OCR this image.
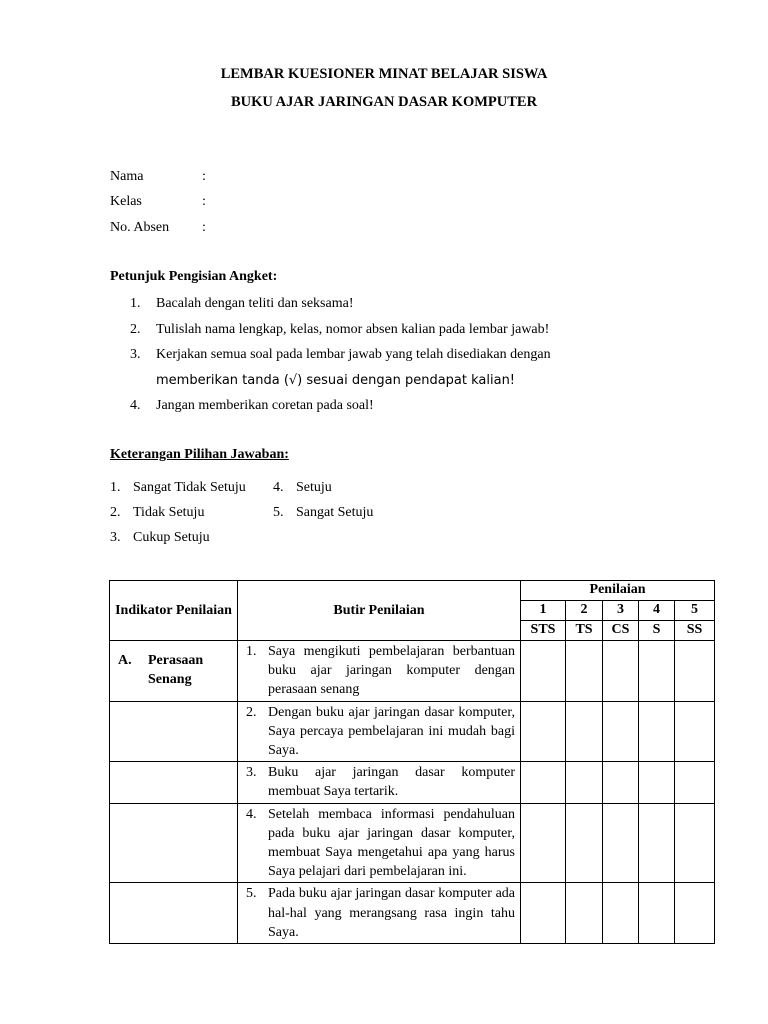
LEMBAR KUESIONER MINAT BELAJAR SISWA
BUKU AJAR JARINGAN DASAR KOMPUTER
Nama	:
Kelas	:
No. Absen :
Petunjuk Pengisian Angket:
1. Bacalah dengan teliti dan seksama!
2. Tulislah nama lengkap, kelas, nomor absen kalian pada lembar jawab!
3. Kerjakan semua soal pada lembar jawab yang telah disediakan dengan
memberikan tanda (√) sesuai dengan pendapat kalian!
4. Jangan memberikan coretan pada soal!
Keterangan Pilihan Jawaban:
1. Sangat Tidak Setuju
2. Tidak Setuju
3. Cukup Setuju
4. Setuju
5. Sangat Setuju
Indikator Penilaian	Butir Penilaian	Penilaian				
		1	2	3	4	5
		STS	TS	CS	S	SS

A. Perasaan
Senang	1. Saya mengikuti pembelajaran berbantuan buku ajar jaringan komputer dengan perasaan senang					

	2. Dengan buku ajar jaringan dasar komputer, Saya percaya pembelajaran ini mudah bagi Saya.					

	3. Buku ajar jaringan dasar komputer membuat Saya tertarik.					

	4. Setelah membaca informasi pendahuluan pada buku ajar jaringan dasar komputer, membuat Saya mengetahui apa yang harus Saya pelajari dari pembelajaran ini.					

	5. Pada buku ajar jaringan dasar komputer ada hal-hal yang merangsang rasa ingin tahu Saya.					
